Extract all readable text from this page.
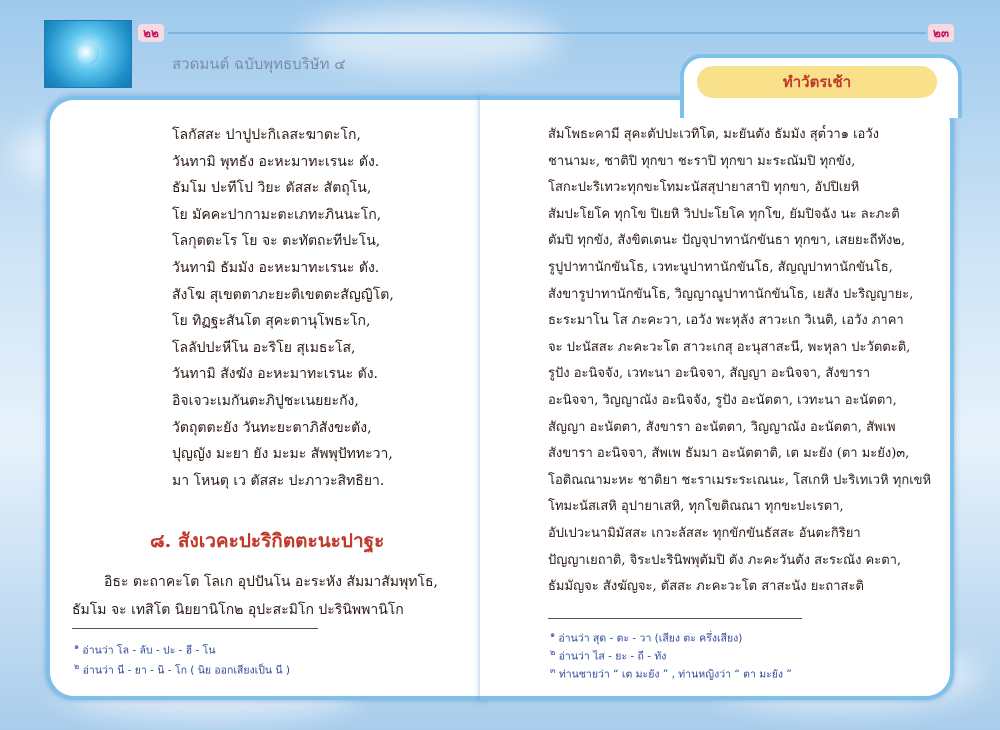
๒๒	๒๓
สวดมนต์ ฉบับพุทธบริษัท ๔
ทำวัตรเช้า
โลกัสสะ ปาปูปะกิเลสะฆาตะโก,
วันทามิ พุทธัง อะหะมาทะเรนะ ตัง.
ธัมโม ปะทีโป วิยะ ตัสสะ สัตถุโน,
โย มัคคะปากามะตะเภทะภินนะโก,
โลกุตตะโร โย จะ ตะทัตถะทีปะโน,
วันทามิ ธัมมัง อะหะมาทะเรนะ ตัง.
สังโฆ สุเขตตาภะยะติเขตตะสัญญิโต,
โย ทิฏฐะสันโต สุคะตานุโพธะโก,
โลลัปปะหีโน อะริโย สุเมธะโส,
วันทามิ สังฆัง อะหะมาทะเรนะ ตัง.
อิจเจวะเมกันตะภิปูชะเนยยะกัง,
วัตถุตตะยัง วันทะยะตาภิสังขะตัง,
ปุญญัง มะยา ยัง มะมะ สัพพุปัททะวา,
มา โหนตุ เว ตัสสะ ปะภาวะสิทธิยา.
๘. สังเวคะปะริกิตตะนะปาฐะ
อิธะ ตะถาคะโต โลเก อุปปันโน อะระหัง สัมมาสัมพุทโธ,
ธัมโม จะ เทสิโต นิยยานิโก๒ อุปะสะมิโก ปะรินิพพานิโก
$^๑$ อ่านว่า โล - ลับ - ปะ - ฮี - โน
$^๒$ อ่านว่า นี - ยา - นิ - โก ( นิย ออกเสียงเป็น นี )
สัมโพธะคามี สุคะตัปปะเวทิโต, มะยันตัง ธัมมัง สุต๎วา๑ เอวัง
ชานามะ, ชาติปิ ทุกขา ชะราปิ ทุกขา มะระณัมปิ ทุกขัง,
โสกะปะริเทวะทุกขะโทมะนัสสุปายาสาปิ ทุกขา, อัปปิเยหิ
สัมปะโยโค ทุกโข ปิเยหิ วิปปะโยโค ทุกโข, ยัมปิจฉัง นะ ละภะติ
ตัมปิ ทุกขัง, สังขิตเตนะ ปัญจุปาทานักขันธา ทุกขา, เสยยะถีทัง๒,
รูปูปาทานักขันโธ, เวทะนูปาทานักขันโธ, สัญญูปาทานักขันโธ,
สังขารูปาทานักขันโธ, วิญญาณูปาทานักขันโธ, เยสัง ปะริญญายะ,
ธะระมาโน โส ภะคะวา, เอวัง พะหุลัง สาวะเก วิเนติ, เอวัง ภาคา
จะ ปะนัสสะ ภะคะวะโต สาวะเกสุ อะนุสาสะนี, พะหุลา ปะวัตตะติ,
รูปัง อะนิจจัง, เวทะนา อะนิจจา, สัญญา อะนิจจา, สังขารา
อะนิจจา, วิญญาณัง อะนิจจัง, รูปัง อะนัตตา, เวทะนา อะนัตตา,
สัญญา อะนัตตา, สังขารา อะนัตตา, วิญญาณัง อะนัตตา, สัพเพ
สังขารา อะนิจจา, สัพเพ ธัมมา อะนัตตาติ, เต มะยัง (ตา มะยัง)๓,
โอติณณามะหะ ชาติยา ชะราเมระระเณนะ, โสเกหิ ปะริเทเวหิ ทุกเขหิ
โทมะนัสเสหิ อุปายาเสหิ, ทุกโขติณณา ทุกขะปะเรตา,
อัปเปวะนามิมัสสะ เกวะลัสสะ ทุกขักขันธัสสะ อันตะกิริยา
ปัญญาเยถาติ, จิระปะรินิพพุตัมปิ ตัง ภะคะวันตัง สะระณัง คะตา,
ธัมมัญจะ สังฆัญจะ, ตัสสะ ภะคะวะโต สาสะนัง ยะถาสะติ
$^๑$ อ่านว่า สุด - ตะ - วา (เสียง ตะ ครึ่งเสียง)
$^๒$ อ่านว่า ไส - ยะ - ถี - ทัง
$^๓$ ท่านชายว่า “ เต มะยัง ” , ท่านหญิงว่า “ ตา มะยัง ”
